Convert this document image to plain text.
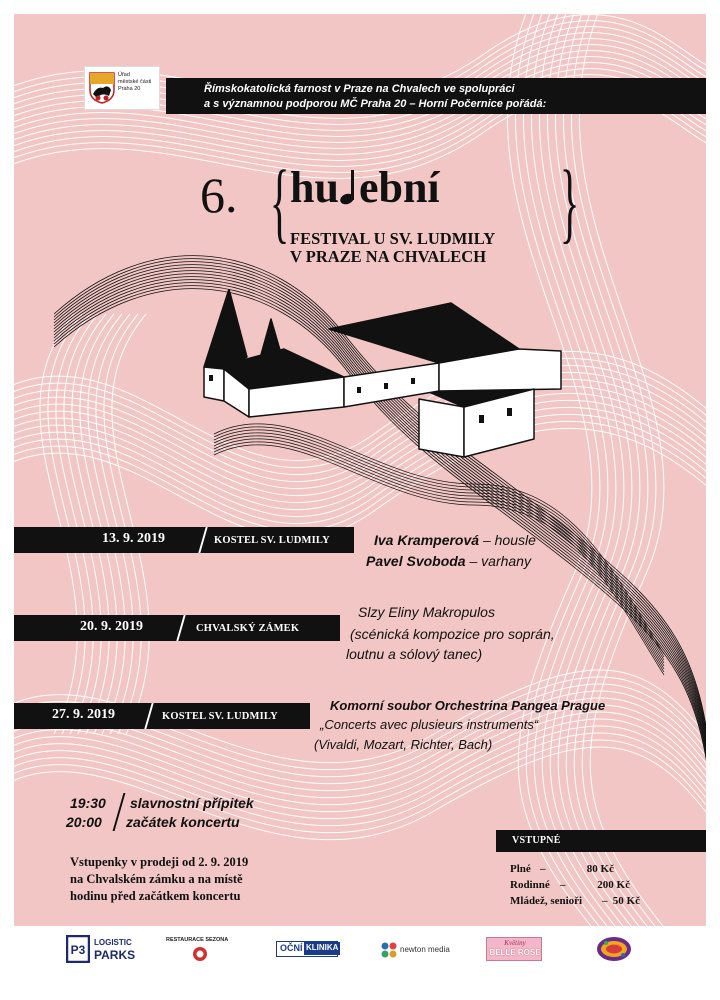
Úřad
městské části
Praha 20	Římskokatolická farnost v Praze na Chvalech ve spolupráci
a s významnou podporou MČ Praha 20 – Horní Počernice pořádá:
6. { hu ební }
FESTIVAL U SV. LUDMILY
V PRAZE NA CHVALECH
13. 9. 2019	KOSTEL SV. LUDMILY	Iva Kramperová – housle
Pavel Svoboda – varhany
20. 9. 2019	CHVALSKÝ ZÁMEK
Slzy Eliny Makropulos
(scénická kompozice pro soprán,
loutnu a sólový tanec)
27. 9. 2019	KOSTEL SV. LUDMILY
Komorní soubor Orchestrina Pangea Prague
„Concerts avec plusieurs instruments“
(Vivaldi, Mozart, Richter, Bach)
19:30 slavnostní přípitek
20:00 začátek koncertu
Vstupenky v prodeji od 2. 9. 2019
na Chvalském zámku a na místě
hodinu před začátkem koncertu
VSTUPNÉ
Plné	80 Kč
–
Rodinné	200 Kč
–
Mládež, senioři	50 Kč
–
P3
LOGISTIC
PARKS
RESTAURACE SEZONA
OČNÍ KLINIKA	newton media
Květiny
BELLE ROSE
